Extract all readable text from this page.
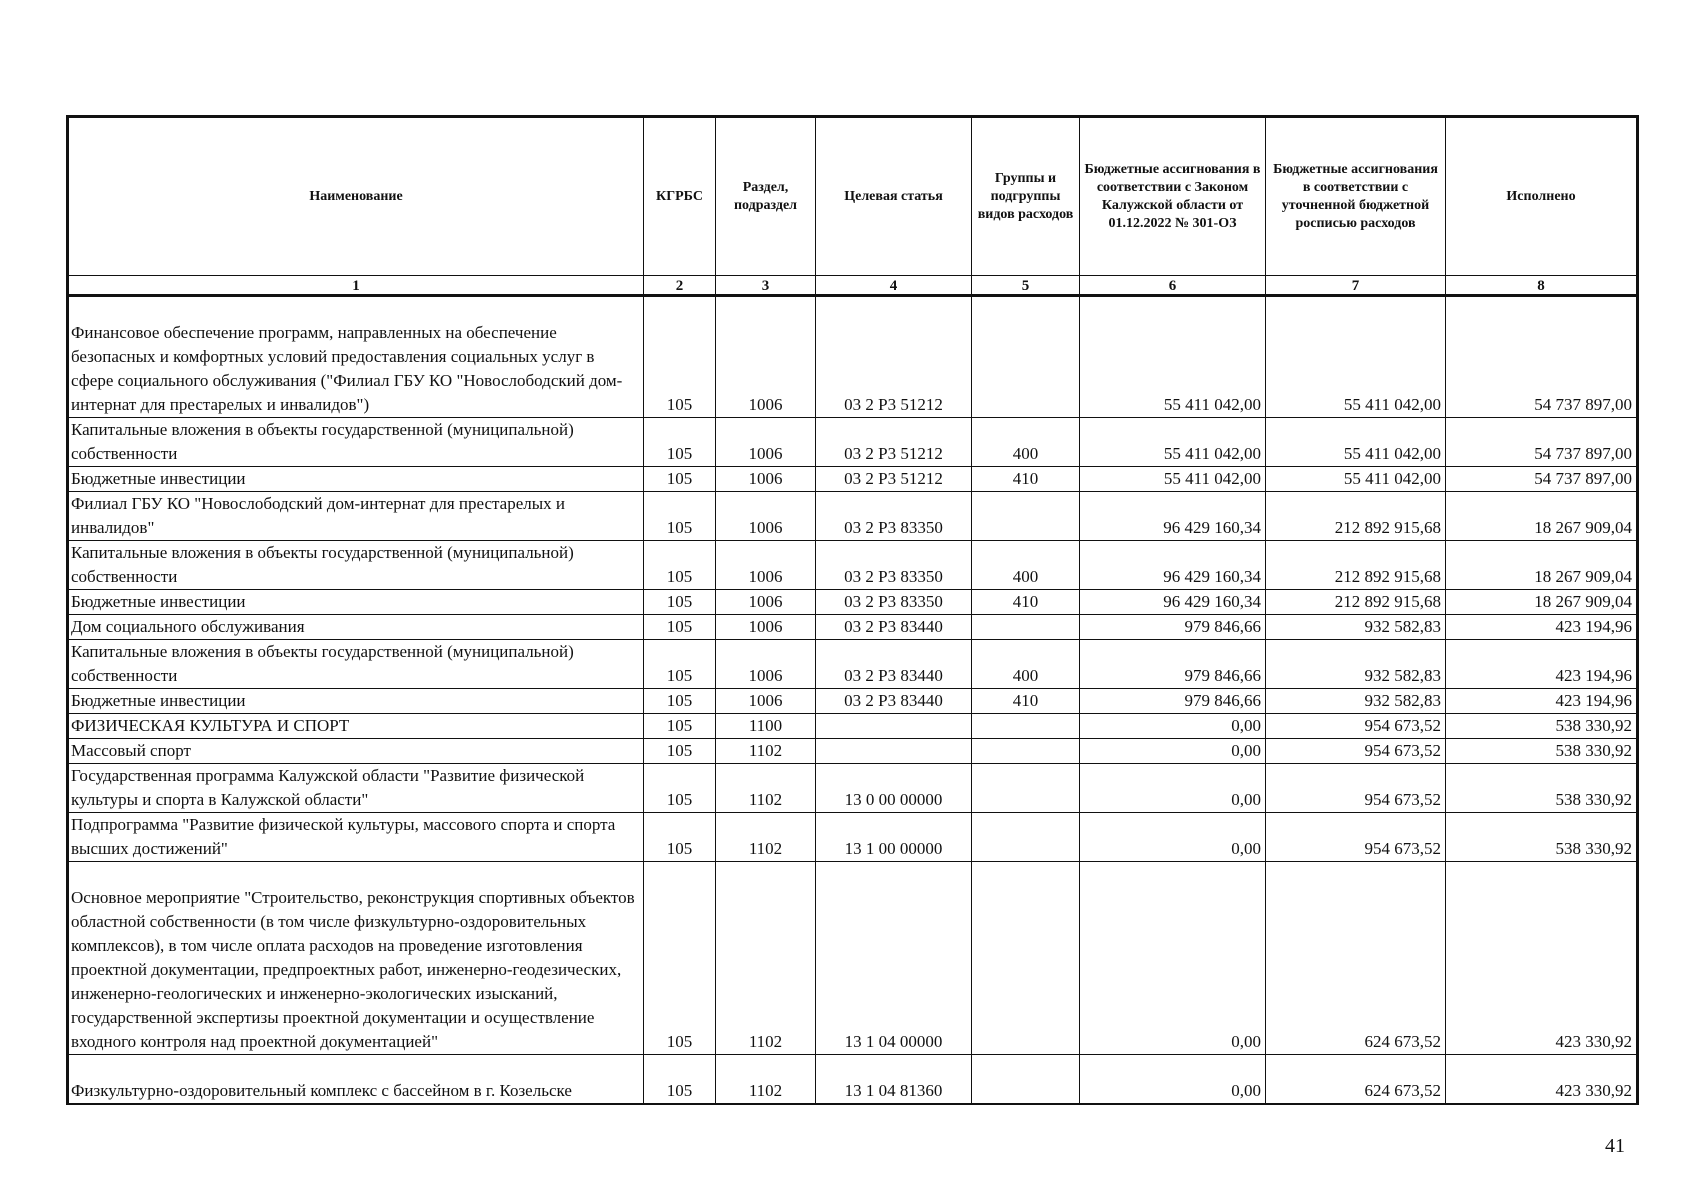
Наименование	КГРБС	Раздел, подраздел	Целевая статья	Группы и подгруппы видов расходов	Бюджетные ассигнования в соответствии с Законом Калужской области от 01.12.2022 № 301-ОЗ	Бюджетные ассигнования в соответствии с уточненной бюджетной росписью расходов	Исполнено
1	2	3	4	5	6	7	8
Финансовое обеспечение программ, направленных на обеспечение безопасных и комфортных условий предоставления социальных услуг в сфере социального обслуживания ("Филиал ГБУ КО "Новослободский дом-интернат для престарелых и инвалидов")	105	1006	03 2 P3 51212		55 411 042,00	55 411 042,00	54 737 897,00
Капитальные вложения в объекты государственной (муниципальной) собственности	105	1006	03 2 P3 51212	400	55 411 042,00	55 411 042,00	54 737 897,00
Бюджетные инвестиции	105	1006	03 2 P3 51212	410	55 411 042,00	55 411 042,00	54 737 897,00
Филиал ГБУ КО "Новослободский дом-интернат для престарелых и инвалидов"	105	1006	03 2 P3 83350		96 429 160,34	212 892 915,68	18 267 909,04
Капитальные вложения в объекты государственной (муниципальной) собственности	105	1006	03 2 P3 83350	400	96 429 160,34	212 892 915,68	18 267 909,04
Бюджетные инвестиции	105	1006	03 2 P3 83350	410	96 429 160,34	212 892 915,68	18 267 909,04
Дом социального обслуживания	105	1006	03 2 P3 83440		979 846,66	932 582,83	423 194,96
Капитальные вложения в объекты государственной (муниципальной) собственности	105	1006	03 2 P3 83440	400	979 846,66	932 582,83	423 194,96
Бюджетные инвестиции	105	1006	03 2 P3 83440	410	979 846,66	932 582,83	423 194,96
ФИЗИЧЕСКАЯ КУЛЬТУРА И СПОРТ	105	1100			0,00	954 673,52	538 330,92
Массовый спорт	105	1102			0,00	954 673,52	538 330,92
Государственная программа Калужской области "Развитие физической культуры и спорта в Калужской области"	105	1102	13 0 00 00000		0,00	954 673,52	538 330,92
Подпрограмма "Развитие физической культуры, массового спорта и спорта высших достижений"	105	1102	13 1 00 00000		0,00	954 673,52	538 330,92
Основное мероприятие "Строительство, реконструкция спортивных объектов областной собственности (в том числе физкультурно-оздоровительных комплексов), в том числе оплата расходов на проведение изготовления проектной документации, предпроектных работ, инженерно-геодезических, инженерно-геологических и инженерно-экологических изысканий, государственной экспертизы проектной документации и осуществление входного контроля над проектной документацией"	105	1102	13 1 04 00000		0,00	624 673,52	423 330,92
Физкультурно-оздоровительный комплекс с бассейном в г. Козельске	105	1102	13 1 04 81360		0,00	624 673,52	423 330,92
41
